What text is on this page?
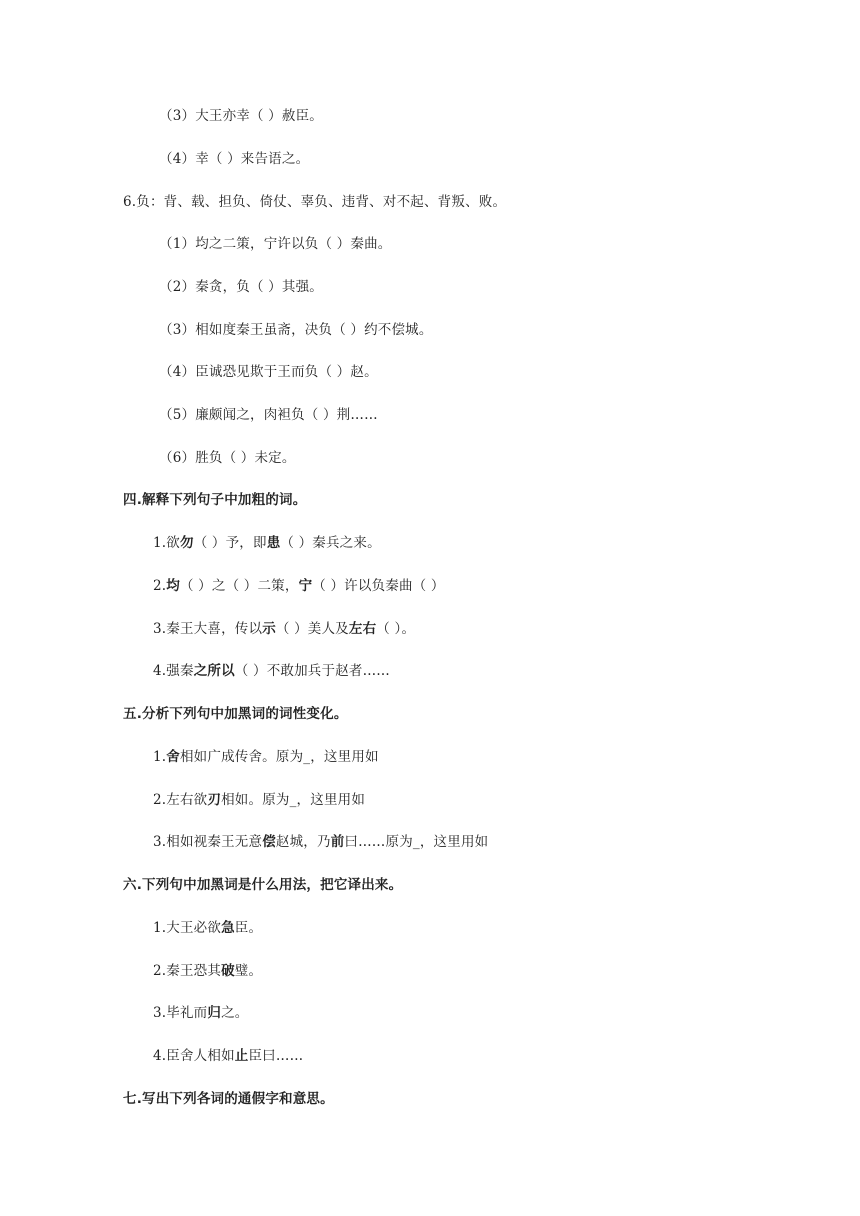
（3）大王亦幸（ ）赦臣。
（4）幸（ ）来告语之。
6.负：背、载、担负、倚仗、辜负、违背、对不起、背叛、败。
（1）均之二策，宁许以负（ ）秦曲。
（2）秦贪，负（ ）其强。
（3）相如度秦王虽斋，决负（ ）约不偿城。
（4）臣诚恐见欺于王而负（ ）赵。
（5）廉颇闻之，肉袒负（ ）荆……
（6）胜负（ ）未定。
四.解释下列句子中加粗的词。
1.欲勿（ ）予，即患（ ）秦兵之来。
2.均（ ）之（ ）二策，宁（ ）许以负秦曲（ ）
3.秦王大喜，传以示（ ）美人及左右（ ）。
4.强秦之所以（ ）不敢加兵于赵者……
五.分析下列句中加黑词的词性变化。
1.舍相如广成传舍。原为_，这里用如
2.左右欲刃相如。原为_，这里用如
3.相如视秦王无意偿赵城，乃前曰……原为_，这里用如
六.下列句中加黑词是什么用法，把它译出来。
1.大王必欲急臣。
2.秦王恐其破璧。
3.毕礼而归之。
4.臣舍人相如止臣曰……
七.写出下列各词的通假字和意思。
